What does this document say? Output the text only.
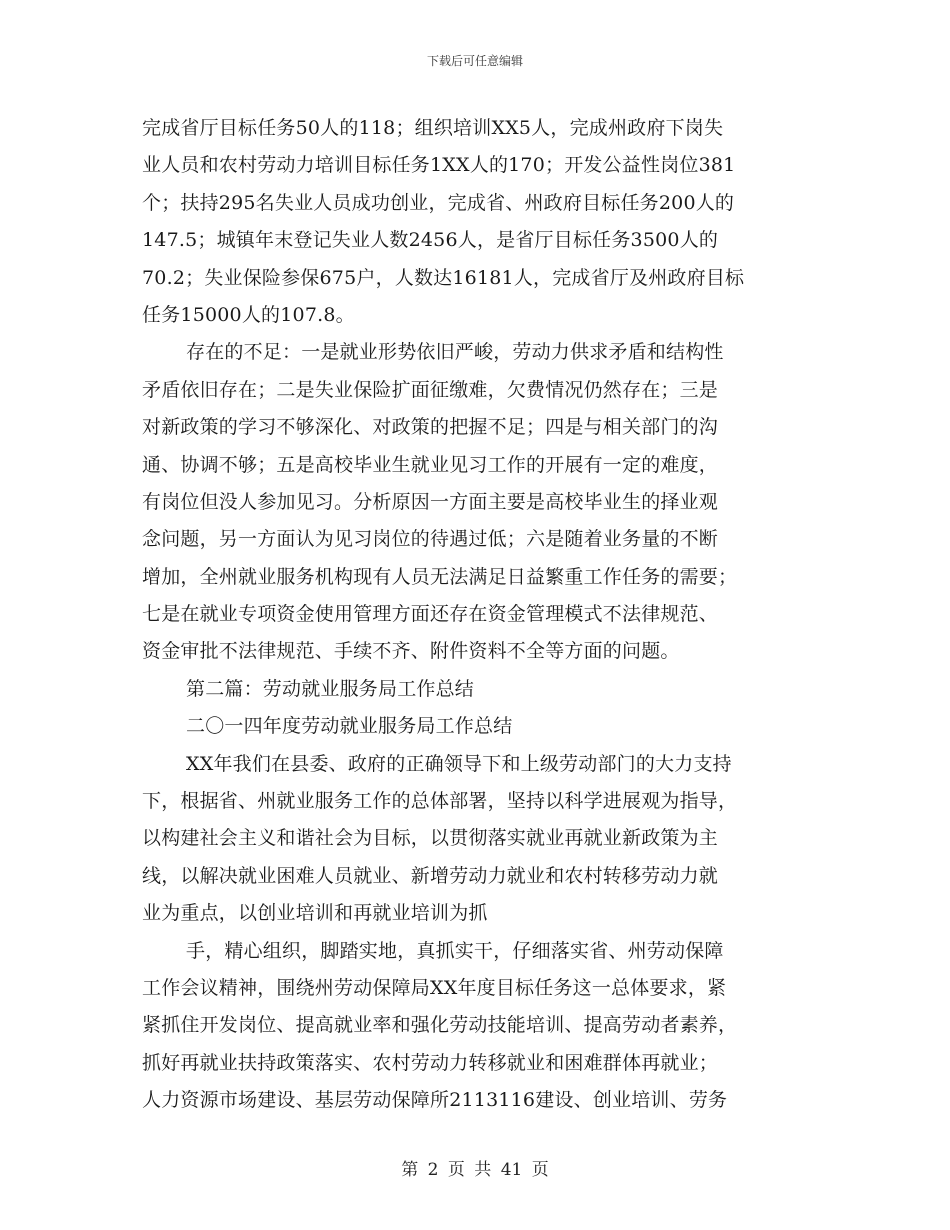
下载后可任意编辑
完成省厅目标任务50人的118；组织培训XX5人，完成州政府下岗失
业人员和农村劳动力培训目标任务1XX人的170；开发公益性岗位381
个；扶持295名失业人员成功创业，完成省、州政府目标任务200人的
147.5；城镇年末登记失业人数2456人，是省厅目标任务3500人的
70.2；失业保险参保675户，人数达16181人，完成省厅及州政府目标
任务15000人的107.8。
存在的不足：一是就业形势依旧严峻，劳动力供求矛盾和结构性
矛盾依旧存在；二是失业保险扩面征缴难，欠费情况仍然存在；三是
对新政策的学习不够深化、对政策的把握不足；四是与相关部门的沟
通、协调不够；五是高校毕业生就业见习工作的开展有一定的难度，
有岗位但没人参加见习。分析原因一方面主要是高校毕业生的择业观
念问题，另一方面认为见习岗位的待遇过低；六是随着业务量的不断
增加，全州就业服务机构现有人员无法满足日益繁重工作任务的需要；
七是在就业专项资金使用管理方面还存在资金管理模式不法律规范、
资金审批不法律规范、手续不齐、附件资料不全等方面的问题。
第二篇：劳动就业服务局工作总结
二〇一四年度劳动就业服务局工作总结
XX年我们在县委、政府的正确领导下和上级劳动部门的大力支持
下，根据省、州就业服务工作的总体部署，坚持以科学进展观为指导，
以构建社会主义和谐社会为目标，以贯彻落实就业再就业新政策为主
线，以解决就业困难人员就业、新增劳动力就业和农村转移劳动力就
业为重点，以创业培训和再就业培训为抓
手，精心组织，脚踏实地，真抓实干，仔细落实省、州劳动保障
工作会议精神，围绕州劳动保障局XX年度目标任务这一总体要求，紧
紧抓住开发岗位、提高就业率和强化劳动技能培训、提高劳动者素养，
抓好再就业扶持政策落实、农村劳动力转移就业和困难群体再就业；
人力资源市场建设、基层劳动保障所2113116建设、创业培训、劳务
第 2 页 共 41 页
